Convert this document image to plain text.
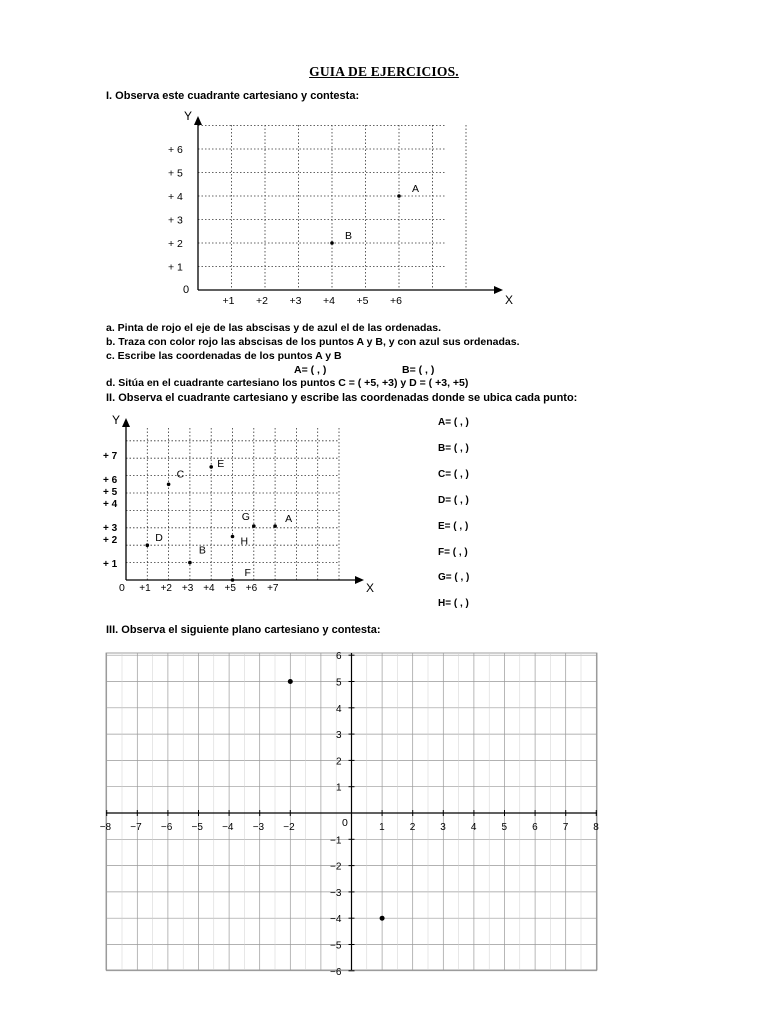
GUIA DE EJERCICIOS.
I. Observa este cuadrante cartesiano y contesta:
Y
X
0
+1 +2 +3 +4 +5 +6
+ 1
+ 2
+ 3
+ 4
+ 5
+ 6
A
B
a. Pinta de rojo el eje de las abscisas y de azul el de las ordenadas.
b. Traza con color rojo las abscisas de los puntos A y B, y con azul sus ordenadas.
c. Escribe las coordenadas de los puntos A y B
A= ( , )	B= ( , )
d. Sitúa en el cuadrante cartesiano los puntos C = ( +5, +3) y D = ( +3, +5)
II. Observa el cuadrante cartesiano y escribe las coordenadas donde se ubica cada punto:
Y
X
0 +1 +2 +3 +4 +5 +6 +7
+ 1
+ 2
+ 3
+ 4
+ 5
+ 6
+ 7
A
B
C
D
E
F
G
H
A= ( , )
B= ( , )
C= ( , )
D= ( , )
E= ( , )
F= ( , )
G= ( , )
H= ( , )
III. Observa el siguiente plano cartesiano y contesta:
0
−8 −7 −6 −5 −4 −3 −2	1	2	3	4	5	6	7	8
6
5
4
3
2
1
−1
−2
−3
−4
−5
−6
